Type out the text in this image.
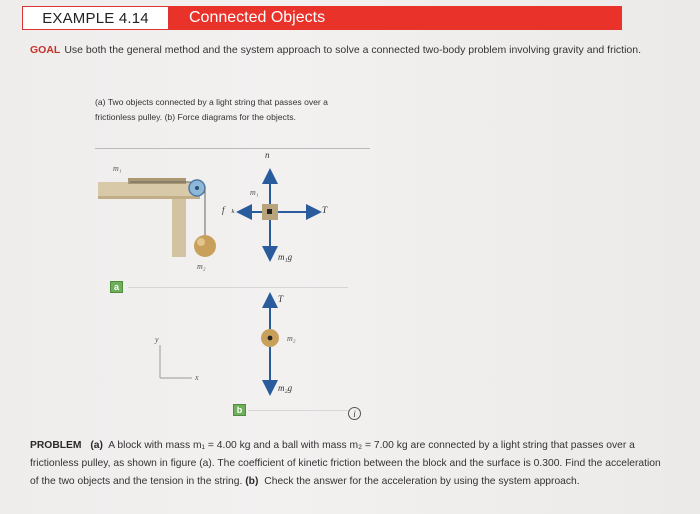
EXAMPLE 4.14	Connected Objects
GOAL Use both the general method and the system approach to solve a connected two-body problem involving gravity and friction.
(a) Two objects connected by a light string that passes over a frictionless pulley. (b) Force diagrams for the objects.
m₁
m₂
y
x
n⃗
m₁
f⃗ₖ	T⃗
m₁g⃗
T⃗
m₂
m₂g⃗
a
b	i
PROBLEM (a) A block with mass m₁ = 4.00 kg and a ball with mass m₂ = 7.00 kg are connected by a light string that passes over a frictionless pulley, as shown in figure (a). The coefficient of kinetic friction between the block and the surface is 0.300. Find the acceleration of the two objects and the tension in the string. (b) Check the answer for the acceleration by using the system approach.
